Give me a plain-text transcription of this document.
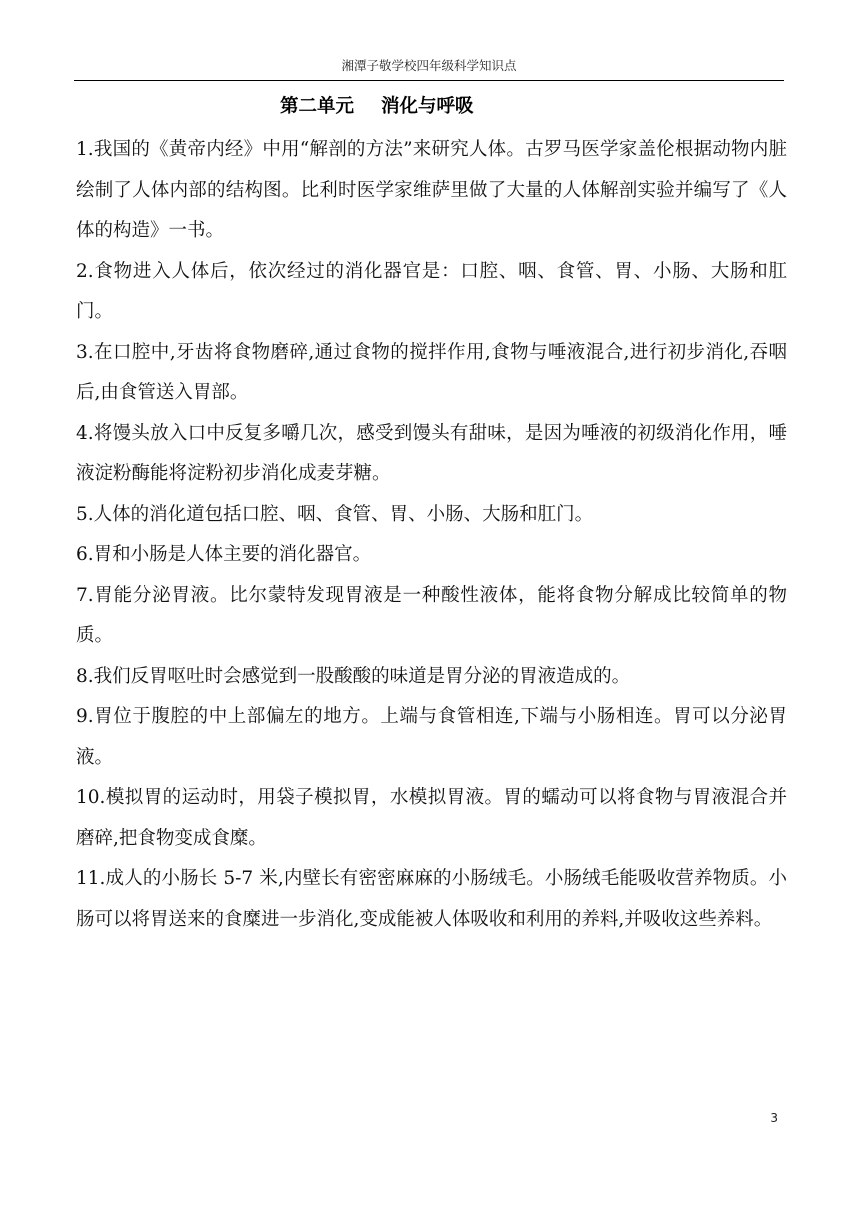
湘潭子敬学校四年级科学知识点
第二单元 消化与呼吸

1.我国的《黄帝内经》中用“解剖的方法”来研究人体。古罗马医学家盖伦根据动物内脏绘制了人体内部的结构图。比利时医学家维萨里做了大量的人体解剖实验并编写了《人体的构造》一书。

2.食物进入人体后，依次经过的消化器官是：口腔、咽、食管、胃、小肠、大肠和肛门。

3.在口腔中,牙齿将食物磨碎,通过食物的搅拌作用,食物与唾液混合,进行初步消化,吞咽后,由食管送入胃部。

4.将馒头放入口中反复多嚼几次，感受到馒头有甜味，是因为唾液的初级消化作用，唾液淀粉酶能将淀粉初步消化成麦芽糖。

5.人体的消化道包括口腔、咽、食管、胃、小肠、大肠和肛门。

6.胃和小肠是人体主要的消化器官。

7.胃能分泌胃液。比尔蒙特发现胃液是一种酸性液体，能将食物分解成比较简单的物质。

8.我们反胃呕吐时会感觉到一股酸酸的味道是胃分泌的胃液造成的。

9.胃位于腹腔的中上部偏左的地方。上端与食管相连,下端与小肠相连。胃可以分泌胃液。

10.模拟胃的运动时，用袋子模拟胃，水模拟胃液。胃的蠕动可以将食物与胃液混合并磨碎,把食物变成食糜。

11.成人的小肠长 5-7 米,内壁长有密密麻麻的小肠绒毛。小肠绒毛能吸收营养物质。小肠可以将胃送来的食糜进一步消化,变成能被人体吸收和利用的养料,并吸收这些养料。

3
